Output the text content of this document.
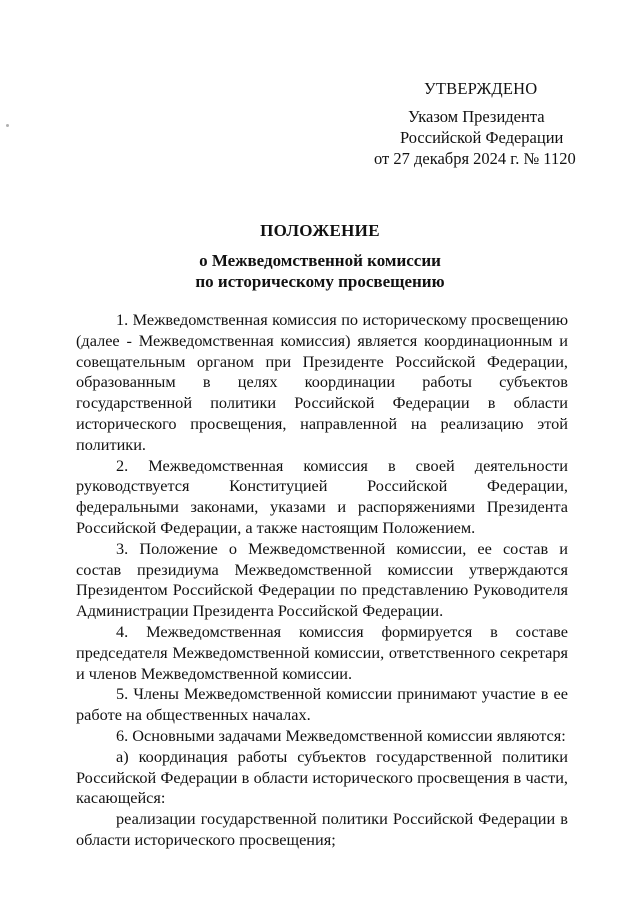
УТВЕРЖДЕНО
Указом Президента
Российской Федерации
от 27 декабря 2024 г. № 1120
ПОЛОЖЕНИЕ
о Межведомственной комиссии
по историческому просвещению

1. Межведомственная комиссия по историческому просвещению (далее - Межведомственная комиссия) является координационным и совещательным органом при Президенте Российской Федерации, образованным в целях координации работы субъектов государственной политики Российской Федерации в области исторического просвещения, направленной на реализацию этой политики.

2. Межведомственная комиссия в своей деятельности руководствуется Конституцией Российской Федерации, федеральными законами, указами и распоряжениями Президента Российской Федерации, а также настоящим Положением.

3. Положение о Межведомственной комиссии, ее состав и состав президиума Межведомственной комиссии утверждаются Президентом Российской Федерации по представлению Руководителя Администрации Президента Российской Федерации.

4. Межведомственная комиссия формируется в составе председателя Межведомственной комиссии, ответственного секретаря и членов Межведомственной комиссии.

5. Члены Межведомственной комиссии принимают участие в ее работе на общественных началах.

6. Основными задачами Межведомственной комиссии являются:

а) координация работы субъектов государственной политики Российской Федерации в области исторического просвещения в части, касающейся:

реализации государственной политики Российской Федерации в области исторического просвещения;
